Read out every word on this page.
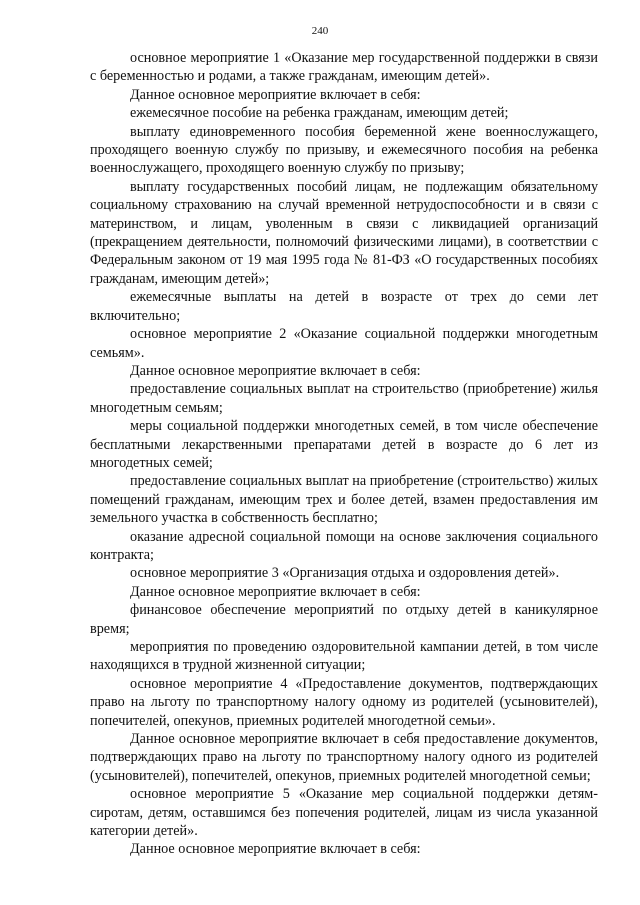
240

основное мероприятие 1 «Оказание мер государственной поддержки в связи с беременностью и родами, а также гражданам, имеющим детей».

Данное основное мероприятие включает в себя:

ежемесячное пособие на ребенка гражданам, имеющим детей;

выплату единовременного пособия беременной жене военнослужащего, проходящего военную службу по призыву, и ежемесячного пособия на ребенка военнослужащего, проходящего военную службу по призыву;

выплату государственных пособий лицам, не подлежащим обязательному социальному страхованию на случай временной нетрудоспособности и в связи с материнством, и лицам, уволенным в связи с ликвидацией организаций (прекращением деятельности, полномочий физическими лицами), в соответствии с Федеральным законом от 19 мая 1995 года № 81-ФЗ «О государственных пособиях гражданам, имеющим детей»;

ежемесячные выплаты на детей в возрасте от трех до семи лет включительно;

основное мероприятие 2 «Оказание социальной поддержки многодетным семьям».

Данное основное мероприятие включает в себя:

предоставление социальных выплат на строительство (приобретение) жилья многодетным семьям;

меры социальной поддержки многодетных семей, в том числе обеспечение бесплатными лекарственными препаратами детей в возрасте до 6 лет из многодетных семей;

предоставление социальных выплат на приобретение (строительство) жилых помещений гражданам, имеющим трех и более детей, взамен предоставления им земельного участка в собственность бесплатно;

оказание адресной социальной помощи на основе заключения социального контракта;

основное мероприятие 3 «Организация отдыха и оздоровления детей».

Данное основное мероприятие включает в себя:

финансовое обеспечение мероприятий по отдыху детей в каникулярное время;

мероприятия по проведению оздоровительной кампании детей, в том числе находящихся в трудной жизненной ситуации;

основное мероприятие 4 «Предоставление документов, подтверждающих право на льготу по транспортному налогу одному из родителей (усыновителей), попечителей, опекунов, приемных родителей многодетной семьи».

Данное основное мероприятие включает в себя предоставление документов, подтверждающих право на льготу по транспортному налогу одного из родителей (усыновителей), попечителей, опекунов, приемных родителей многодетной семьи;

основное мероприятие 5 «Оказание мер социальной поддержки детям-сиротам, детям, оставшимся без попечения родителей, лицам из числа указанной категории детей».

Данное основное мероприятие включает в себя:
